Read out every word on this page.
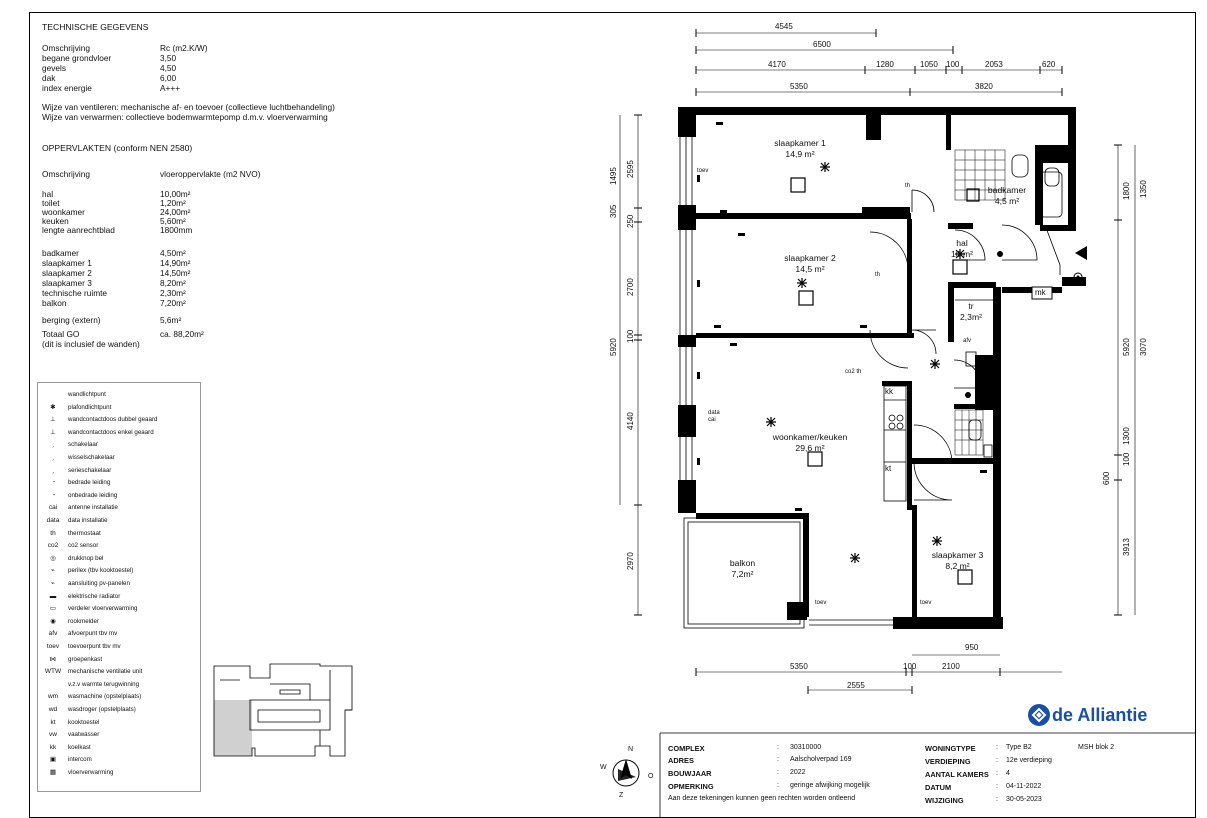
TECHNISCHE GEGEVENS
Omschrijving	Rc (m2.K/W)
begane grondvloer	3,50
gevels	4,50
dak	6,00
index energie	A+++
Wijze van ventileren: mechanische af- en toevoer (collectieve luchtbehandeling)
Wijze van verwarmen: collectieve bodemwarmtepomp d.m.v. vloerverwarming
OPPERVLAKTEN (conform NEN 2580)
Omschrijving	vloeroppervlakte (m2 NVO)
hal	10,00m²
toilet	1,20m²
woonkamer	24,00m²
keuken	5,60m²
lengte aanrechtblad	1800mm
badkamer	4,50m²
slaapkamer 1	14,90m²
slaapkamer 2	14,50m²
slaapkamer 3	8,20m²
technische ruimte	2,30m²
balkon	7,20m²
berging (extern)	5,6m²
Totaal GO	ca. 88,20m²
(dit is inclusief de wanden)
wandlichtpunt
✱	plafondlichtpunt
⊥	wandcontactdoos dubbel geaard
⊥	wandcontactdoos enkel geaard
ˏ	schakelaar
ˏ	wisselschakelaar
ˏ	serieschakelaar
╶	bedrade leiding
╶	onbedrade leiding
cai	antenne installatie
data	data installatie
th	thermostaat
co2	co2 sensor
◎	drukknop bel
⌁	perilex (tbv kooktoestel)
⌁	aansluiting pv-panelen
▬	elektrische radiator
▭	verdeler vloerverwarming
◉	rookmelder
afv	afvoerpunt tbv mv
toev	toevoerpunt tbv mv
⋈	groepenkast
WTW	mechanische ventilatie unit
v.z.v warmte terugwinning
wm	wasmachine (opstelplaats)
wd	wasdroger (opstelplaats)
kt	kooktoestel
vw	vaatwasser
kk	koelkast
▣	intercom
▦	vloerverwarming
slaapkamer 1
14,9 m²
badkamer
4,5 m²
slaapkamer 2
14,5 m²
hal
10 m²
tr
2,3m²
woonkamer/keuken
29,6 m²
balkon
7,2m²
slaapkamer 3
8,2 m²
mk
kk
kt
afv
toev
toev	toev
th
th
co2 th
data
cai
4545
6500
4170	1280	1050 100	2053	620
5350	3820
950
5350	100	2100
2555
2595
250
2700
100
4140
2970
1495
305
5920
1800
5920
600
3913
1350
3070
1300
100
COMPLEX	: 30310000
ADRES	: Aalscholverpad 169
BOUWJAAR	: 2022
OPMERKING	: geringe afwijking mogelijk
Aan deze tekeningen kunnen geen rechten worden ontleend
WONINGTYPE	: Type B2	MSH blok 2
VERDIEPING	: 12e verdieping
AANTAL KAMERS : 4
DATUM	: 04-11-2022
WIJZIGING	: 30-05-2023
N
W
O
Z
de Alliantie
